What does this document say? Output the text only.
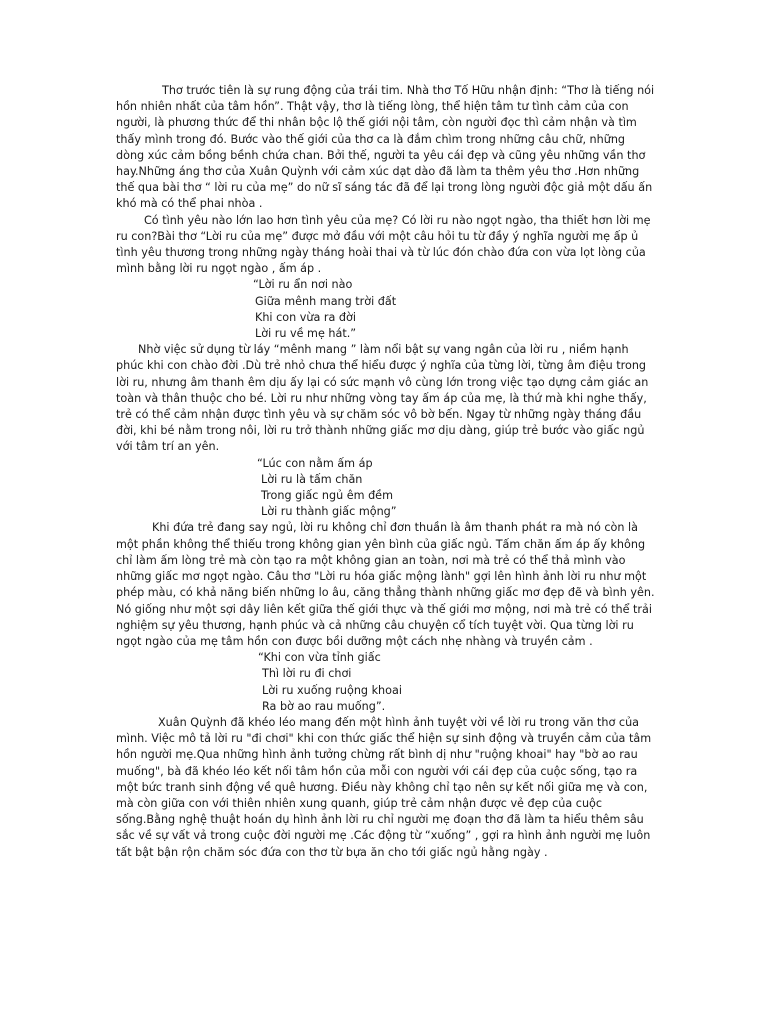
Thơ trước tiên là sự rung động của trái tim. Nhà thơ Tố Hữu nhận định: “Thơ là tiếng nói hồn nhiên nhất của tâm hồn”. Thật vậy, thơ là tiếng lòng, thể hiện tâm tư tình cảm của con người, là phương thức để thi nhân bộc lộ thế giới nội tâm, còn người đọc thì cảm nhận và tìm thấy mình trong đó. Bước vào thế giới của thơ ca là đắm chìm trong những câu chữ, những dòng xúc cảm bồng bềnh chứa chan. Bởi thế, người ta yêu cái đẹp và cũng yêu những vần thơ hay.Những áng thơ của Xuân Quỳnh với cảm xúc dạt dào đã làm ta thêm yêu thơ .Hơn những thế qua bài thơ “ lời ru của mẹ” do nữ sĩ sáng tác đã để lại trong lòng người độc giả một dấu ấn khó mà có thể phai nhòa .

Có tình yêu nào lớn lao hơn tình yêu của mẹ? Có lời ru nào ngọt ngào, tha thiết hơn lời mẹ ru con?Bài thơ “Lời ru của mẹ” được mở đầu với một câu hỏi tu từ đầy ý nghĩa người mẹ ấp ủ tình yêu thương trong những ngày tháng hoài thai và từ lúc đón chào đứa con vừa lọt lòng của mình bằng lời ru ngọt ngào , ấm áp .

“Lời ru ẩn nơi nào
Giữa mênh mang trời đất
Khi con vừa ra đời
Lời ru về mẹ hát.”

Nhờ việc sử dụng từ láy “mênh mang ” làm nổi bật sự vang ngân của lời ru , niềm hạnh phúc khi con chào đời .Dù trẻ nhỏ chưa thể hiểu được ý nghĩa của từng lời, từng âm điệu trong lời ru, nhưng âm thanh êm dịu ấy lại có sức mạnh vô cùng lớn trong việc tạo dựng cảm giác an toàn và thân thuộc cho bé. Lời ru như những vòng tay ấm áp của mẹ, là thứ mà khi nghe thấy, trẻ có thể cảm nhận được tình yêu và sự chăm sóc vô bờ bến. Ngay từ những ngày tháng đầu đời, khi bé nằm trong nôi, lời ru trở thành những giấc mơ dịu dàng, giúp trẻ bước vào giấc ngủ với tâm trí an yên.

“Lúc con nằm ấm áp
Lời ru là tấm chăn
Trong giấc ngủ êm đềm
Lời ru thành giấc mộng”

Khi đứa trẻ đang say ngủ, lời ru không chỉ đơn thuần là âm thanh phát ra mà nó còn là một phần không thể thiếu trong không gian yên bình của giấc ngủ. Tấm chăn ấm áp ấy không chỉ làm ấm lòng trẻ mà còn tạo ra một không gian an toàn, nơi mà trẻ có thể thả mình vào những giấc mơ ngọt ngào. Câu thơ "Lời ru hóa giấc mộng lành" gợi lên hình ảnh lời ru như một phép màu, có khả năng biến những lo âu, căng thẳng thành những giấc mơ đẹp đẽ và bình yên. Nó giống như một sợi dây liên kết giữa thế giới thực và thế giới mơ mộng, nơi mà trẻ có thể trải nghiệm sự yêu thương, hạnh phúc và cả những câu chuyện cổ tích tuyệt vời. Qua từng lời ru ngọt ngào của mẹ tâm hồn con được bồi dưỡng một cách nhẹ nhàng và truyền cảm .

“Khi con vừa tỉnh giấc
Thì lời ru đi chơi
Lời ru xuống ruộng khoai
Ra bờ ao rau muống”.

Xuân Quỳnh đã khéo léo mang đến một hình ảnh tuyệt vời về lời ru trong văn thơ của mình. Việc mô tả lời ru "đi chơi" khi con thức giấc thể hiện sự sinh động và truyền cảm của tâm hồn người mẹ.Qua những hình ảnh tưởng chừng rất bình dị như "ruộng khoai" hay "bờ ao rau muống", bà đã khéo léo kết nối tâm hồn của mỗi con người với cái đẹp của cuộc sống, tạo ra một bức tranh sinh động về quê hương. Điều này không chỉ tạo nên sự kết nối giữa mẹ và con, mà còn giữa con với thiên nhiên xung quanh, giúp trẻ cảm nhận được vẻ đẹp của cuộc sống.Bằng nghệ thuật hoán dụ hình ảnh lời ru chỉ người mẹ đoạn thơ đã làm ta hiểu thêm sâu sắc về sự vất vả trong cuộc đời người mẹ .Các động từ “xuống” , gợi ra hình ảnh người mẹ luôn tất bật bận rộn chăm sóc đứa con thơ từ bựa ăn cho tới giấc ngủ hằng ngày .
